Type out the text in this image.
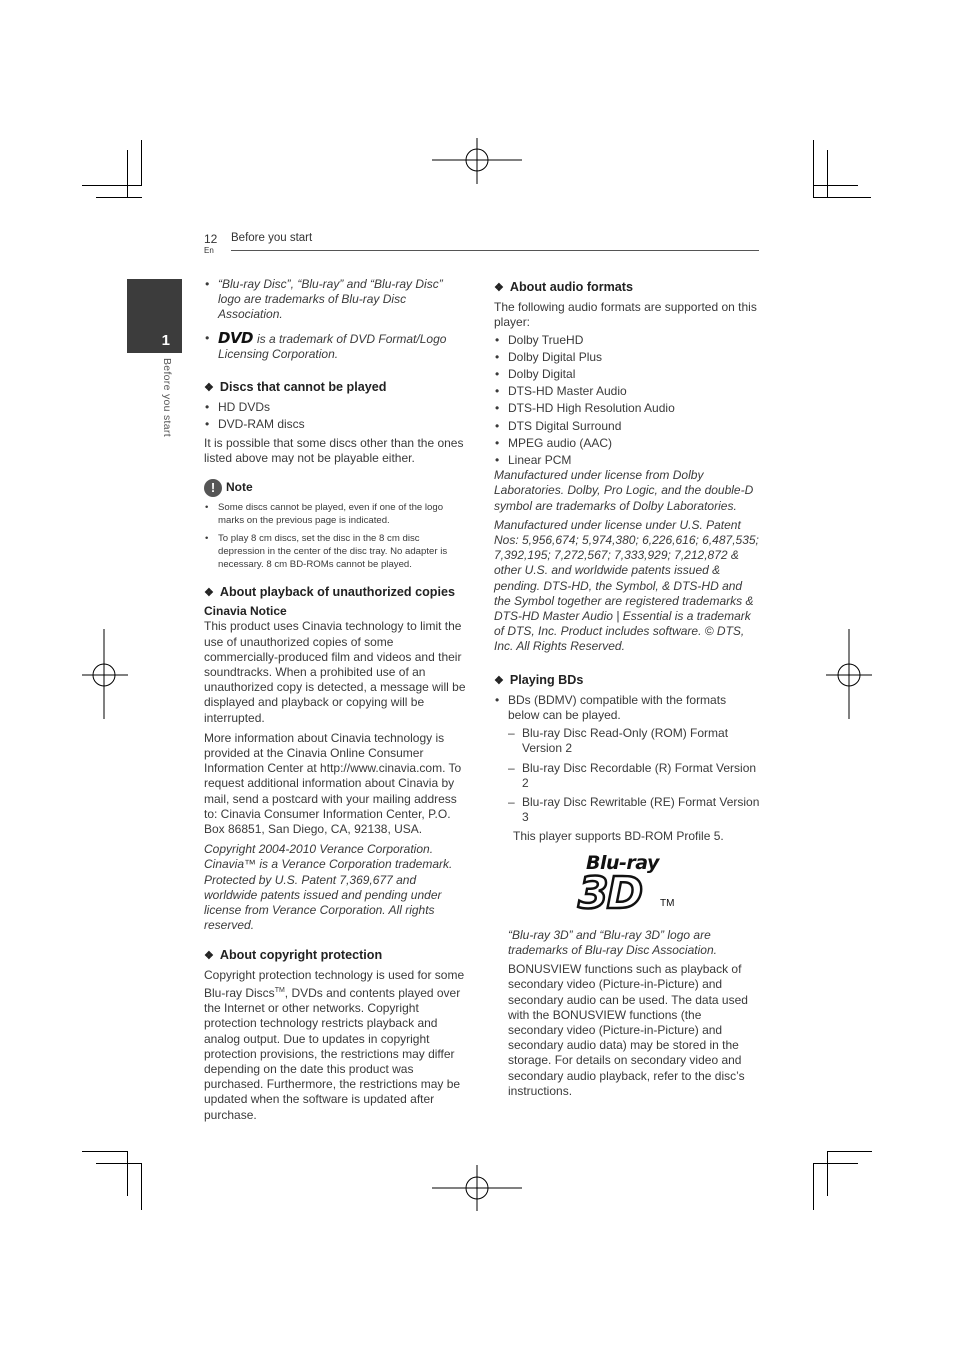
12
En
Before you start
1
Before you start
• “Blu-ray Disc”, “Blu-ray” and “Blu-ray Disc” logo are trademarks of Blu-ray Disc Association.
• DVD is a trademark of DVD Format/Logo Licensing Corporation.

❖ Discs that cannot be played

• HD DVDs
• DVD-RAM discs

It is possible that some discs other than the ones listed above may not be playable either.

! Note

• Some discs cannot be played, even if one of the logo marks on the previous page is indicated.
• To play 8 cm discs, set the disc in the 8 cm disc depression in the center of the disc tray. No adapter is necessary. 8 cm BD-ROMs cannot be played.

❖ About playback of unauthorized copies

Cinavia Notice

This product uses Cinavia technology to limit the use of unauthorized copies of some commercially-produced film and videos and their soundtracks. When a prohibited use of an unauthorized copy is detected, a message will be displayed and playback or copying will be interrupted.

More information about Cinavia technology is provided at the Cinavia Online Consumer Information Center at http://www.cinavia.com. To request additional information about Cinavia by mail, send a postcard with your mailing address to: Cinavia Consumer Information Center, P.O. Box 86851, San Diego, CA, 92138, USA.

Copyright 2004-2010 Verance Corporation. Cinavia™ is a Verance Corporation trademark. Protected by U.S. Patent 7,369,677 and worldwide patents issued and pending under license from Verance Corporation. All rights reserved.

❖ About copyright protection

Copyright protection technology is used for some Blu-ray Discs™, DVDs and contents played over the Internet or other networks. Copyright protection technology restricts playback and analog output. Due to updates in copyright protection provisions, the restrictions may differ depending on the date this product was purchased. Furthermore, the restrictions may be updated when the software is updated after purchase.

❖ About audio formats

The following audio formats are supported on this player:

• Dolby TrueHD
• Dolby Digital Plus
• Dolby Digital
• DTS-HD Master Audio
• DTS-HD High Resolution Audio
• DTS Digital Surround
• MPEG audio (AAC)
• Linear PCM

Manufactured under license from Dolby Laboratories. Dolby, Pro Logic, and the double-D symbol are trademarks of Dolby Laboratories.

Manufactured under license under U.S. Patent Nos: 5,956,674; 5,974,380; 6,226,616; 6,487,535; 7,392,195; 7,272,567; 7,333,929; 7,212,872 & other U.S. and worldwide patents issued & pending. DTS-HD, the Symbol, & DTS-HD and the Symbol together are registered trademarks & DTS-HD Master Audio | Essential is a trademark of DTS, Inc. Product includes software. © DTS, Inc. All Rights Reserved.

❖ Playing BDs

• BDs (BDMV) compatible with the formats below can be played.
– Blu-ray Disc Read-Only (ROM) Format Version 2
– Blu-ray Disc Recordable (R) Format Version 2
– Blu-ray Disc Rewritable (RE) Format Version 3

This player supports BD-ROM Profile 5.

Blu-ray
3D TM

“Blu-ray 3D” and “Blu-ray 3D” logo are trademarks of Blu-ray Disc Association.

BONUSVIEW functions such as playback of secondary video (Picture-in-Picture) and secondary audio can be used. The data used with the BONUSVIEW functions (the secondary video (Picture-in-Picture) and secondary audio data) may be stored in the storage. For details on secondary video and secondary audio playback, refer to the disc’s instructions.
